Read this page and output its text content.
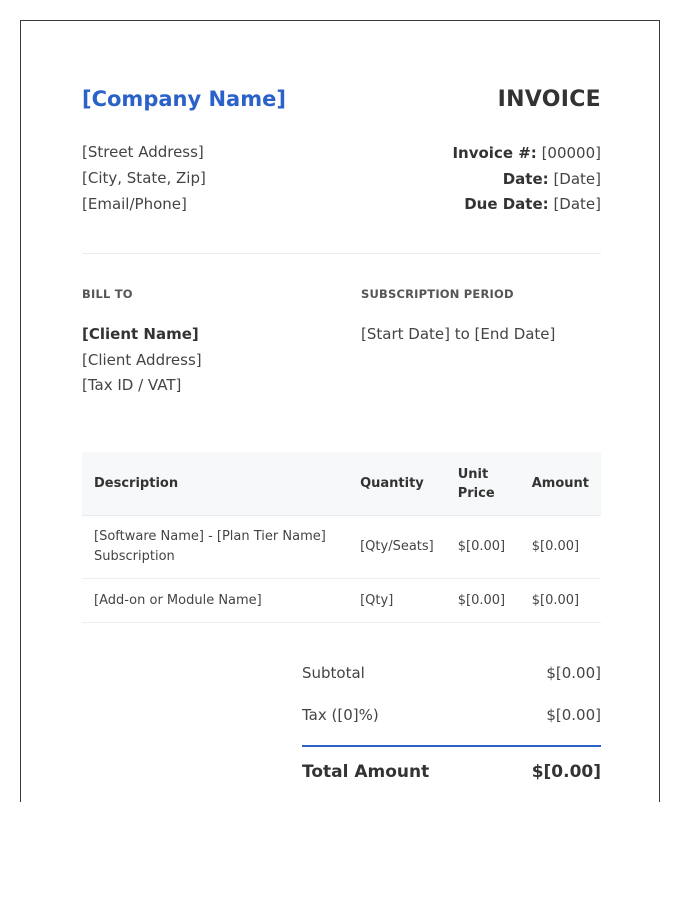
[Company Name]	INVOICE
[Street Address]
[City, State, Zip]
[Email/Phone]
Invoice #: [00000]
Date: [Date]
Due Date: [Date]
BILL TO	SUBSCRIPTION PERIOD
[Client Name]
[Client Address]
[Tax ID / VAT]
[Start Date] to [End Date]
Description	Quantity	Unit Price	Amount
[Software Name] - [Plan Tier Name] Subscription	[Qty/Seats]	$[0.00]	$[0.00]
[Add-on or Module Name]	[Qty]	$[0.00]	$[0.00]
Subtotal	$[0.00]
Tax ([0]%)	$[0.00]
Total Amount	$[0.00]
